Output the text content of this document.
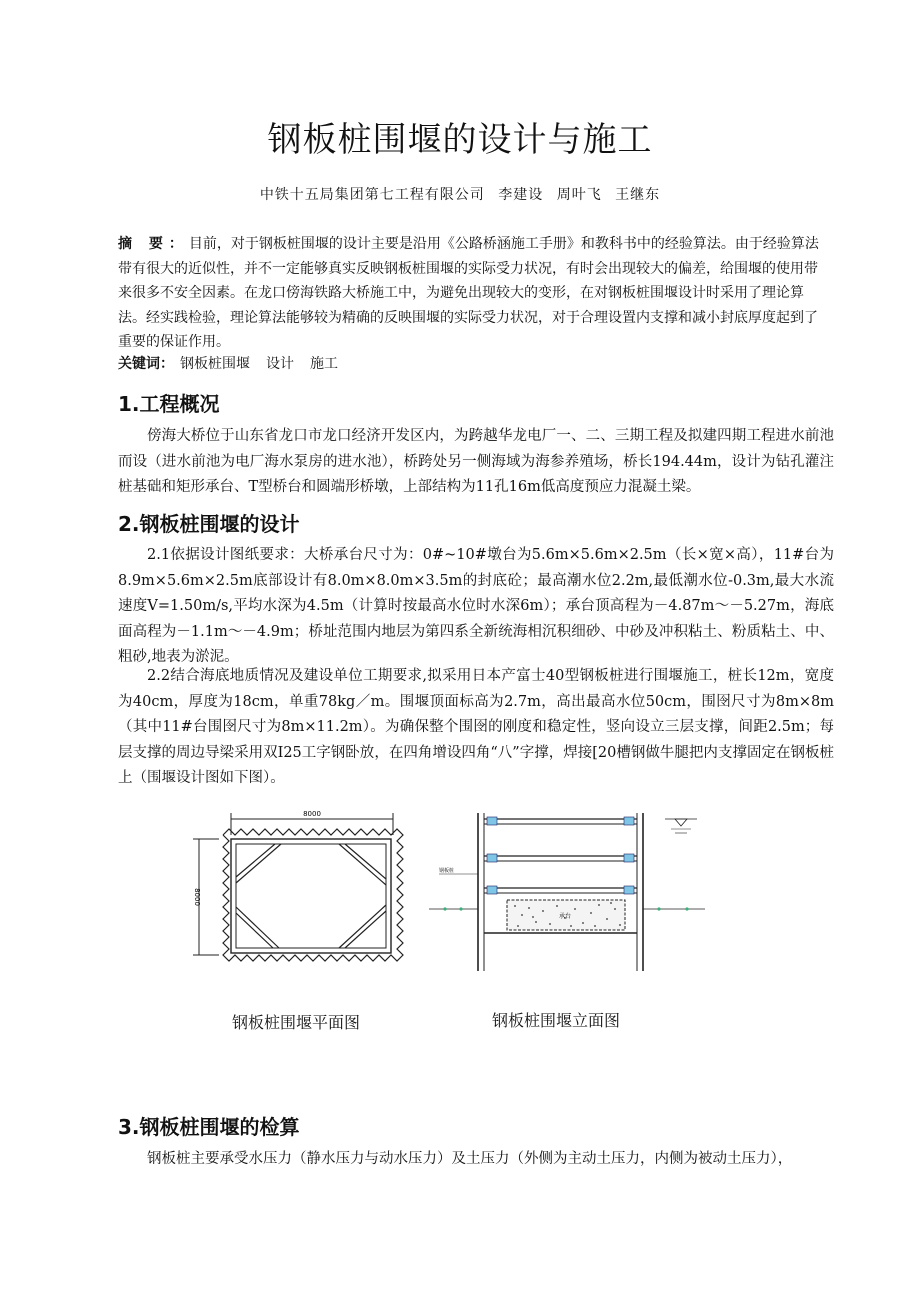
钢板桩围堰的设计与施工
中铁十五局集团第七工程有限公司 李建设 周叶飞 王继东
摘 要：目前，对于钢板桩围堰的设计主要是沿用《公路桥涵施工手册》和教科书中的经验算法。由于经验算法带有很大的近似性，并不一定能够真实反映钢板桩围堰的实际受力状况，有时会出现较大的偏差，给围堰的使用带来很多不安全因素。在龙口傍海铁路大桥施工中，为避免出现较大的变形，在对钢板桩围堰设计时采用了理论算法。经实践检验，理论算法能够较为精确的反映围堰的实际受力状况，对于合理设置内支撑和减小封底厚度起到了重要的保证作用。
关键词： 钢板桩围堰 设计 施工
1.工程概况
傍海大桥位于山东省龙口市龙口经济开发区内，为跨越华龙电厂一、二、三期工程及拟建四期工程进水前池而设（进水前池为电厂海水泵房的进水池），桥跨处另一侧海域为海参养殖场，桥长194.44m，设计为钻孔灌注桩基础和矩形承台、T型桥台和圆端形桥墩，上部结构为11孔16m低高度预应力混凝土梁。
2.钢板桩围堰的设计
2.1依据设计图纸要求：大桥承台尺寸为：0#~10#墩台为5.6m×5.6m×2.5m（长×宽×高），11#台为8.9m×5.6m×2.5m底部设计有8.0m×8.0m×3.5m的封底砼；最高潮水位2.2m,最低潮水位-0.3m,最大水流速度V=1.50m/s,平均水深为4.5m（计算时按最高水位时水深6m）；承台顶高程为－4.87m～－5.27m，海底面高程为－1.1m～－4.9m；桥址范围内地层为第四系全新统海相沉积细砂、中砂及冲积粘土、粉质粘土、中、粗砂,地表为淤泥。
2.2结合海底地质情况及建设单位工期要求,拟采用日本产富士40型钢板桩进行围堰施工，桩长12m，宽度为40cm，厚度为18cm，单重78kg／m。围堰顶面标高为2.7m，高出最高水位50cm，围囹尺寸为8m×8m（其中11#台围囹尺寸为8m×11.2m）。为确保整个围囹的刚度和稳定性，竖向设立三层支撑，间距2.5m；每层支撑的周边导梁采用双I25工字钢卧放，在四角增设四角“八”字撑，焊接[20槽钢做牛腿把内支撑固定在钢板桩上（围堰设计图如下图）。
8000
8000
钢板桩围堰平面图
钢板桩
承台
钢板桩围堰立面图
3.钢板桩围堰的检算
钢板桩主要承受水压力（静水压力与动水压力）及土压力（外侧为主动土压力，内侧为被动土压力），
